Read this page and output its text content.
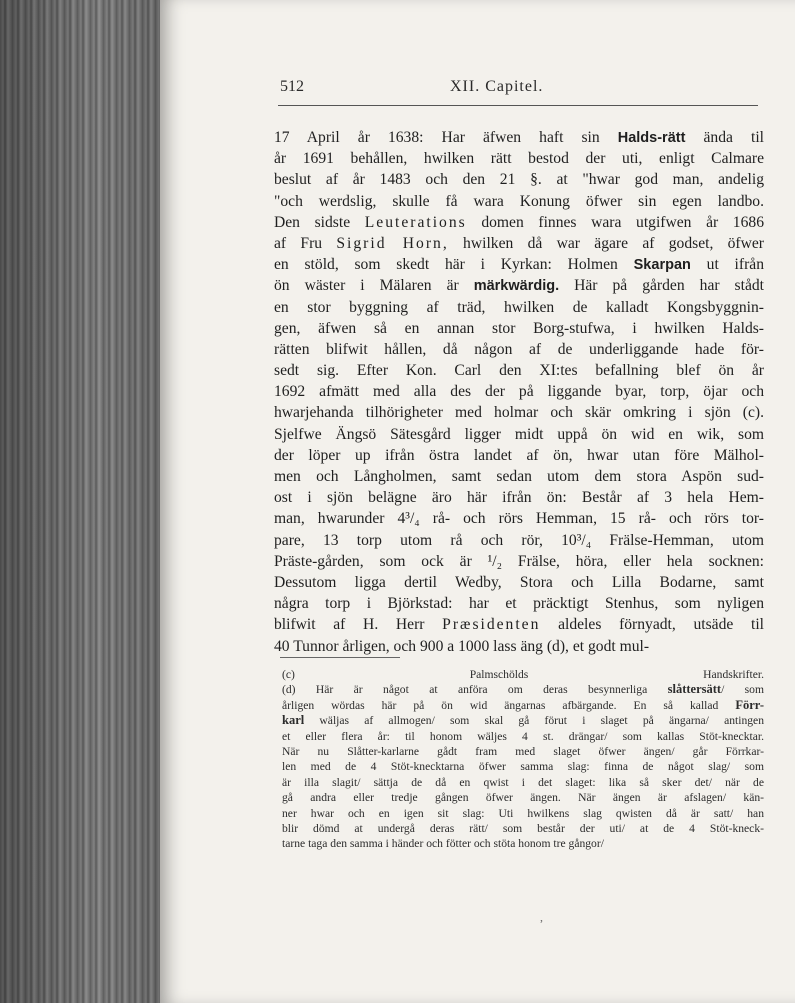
512	XII. Capitel.
17 April år 1638: Har äfwen haft sin Halds-rätt ända til
år 1691 behållen, hwilken rätt bestod der uti, enligt Calmare
beslut af år 1483 och den 21 §. at "hwar god man, andelig
"och werdslig, skulle få wara Konung öfwer sin egen landbo.
Den sidste Leuterations domen finnes wara utgifwen år 1686
af Fru Sigrid Horn, hwilken då war ägare af godset, öfwer
en stöld, som skedt här i Kyrkan: Holmen Skarpan ut ifrån
ön wäster i Mälaren är märkwärdig. Här på gården har stådt
en stor byggning af träd, hwilken de kalladt Kongsbyggnin-
gen, äfwen så en annan stor Borg-stufwa, i hwilken Halds-
rätten blifwit hållen, då någon af de underliggande hade för-
sedt sig. Efter Kon. Carl den XI:tes befallning blef ön år
1692 afmätt med alla des der på liggande byar, torp, öjar och
hwarjehanda tilhörigheter med holmar och skär omkring i sjön (c).
Sjelfwe Ängsö Sätesgård ligger midt uppå ön wid en wik, som
der löper up ifrån östra landet af ön, hwar utan före Mälhol-
men och Långholmen, samt sedan utom dem stora Aspön sud-
ost i sjön belägne äro här ifrån ön: Består af 3 hela Hem-
man, hwarunder 4³/₄ rå- och rörs Hemman, 15 rå- och rörs tor-
pare, 13 torp utom rå och rör, 10³/₄ Frälse-Hemman, utom
Präste-gården, som ock är ¹/₂ Frälse, höra, eller hela socknen:
Dessutom ligga dertil Wedby, Stora och Lilla Bodarne, samt
några torp i Björkstad: har et präcktigt Stenhus, som nyligen
blifwit af H. Herr Præsidenten aldeles förnyadt, utsäde til
40 Tunnor årligen, och 900 a 1000 lass äng (d), et godt mul-
(c) Palmschölds Handskrifter.
(d) Här är något at anföra om deras besynnerliga slåttersätt/ som
årligen wördas här på ön wid ängarnas afbärgande. En så kallad Förr-
karl wäljas af allmogen/ som skal gå förut i slaget på ängarna/ antingen
et eller flera år: til honom wäljes 4 st. drängar/ som kallas Stöt-knecktar.
När nu Slåtter-karlarne gådt fram med slaget öfwer ängen/ går Förrkar-
len med de 4 Stöt-knecktarna öfwer samma slag: finna de något slag/ som
är illa slagit/ sättja de då en qwist i det slaget: lika så sker det/ när de
gå andra eller tredje gången öfwer ängen. När ängen är afslagen/ kän-
ner hwar och en igen sit slag: Uti hwilkens slag qwisten då är satt/ han
blir dömd at undergå deras rätt/ som består der uti/ at de 4 Stöt-kneck-
tarne taga den samma i händer och fötter och stöta honom tre gångor/
,
